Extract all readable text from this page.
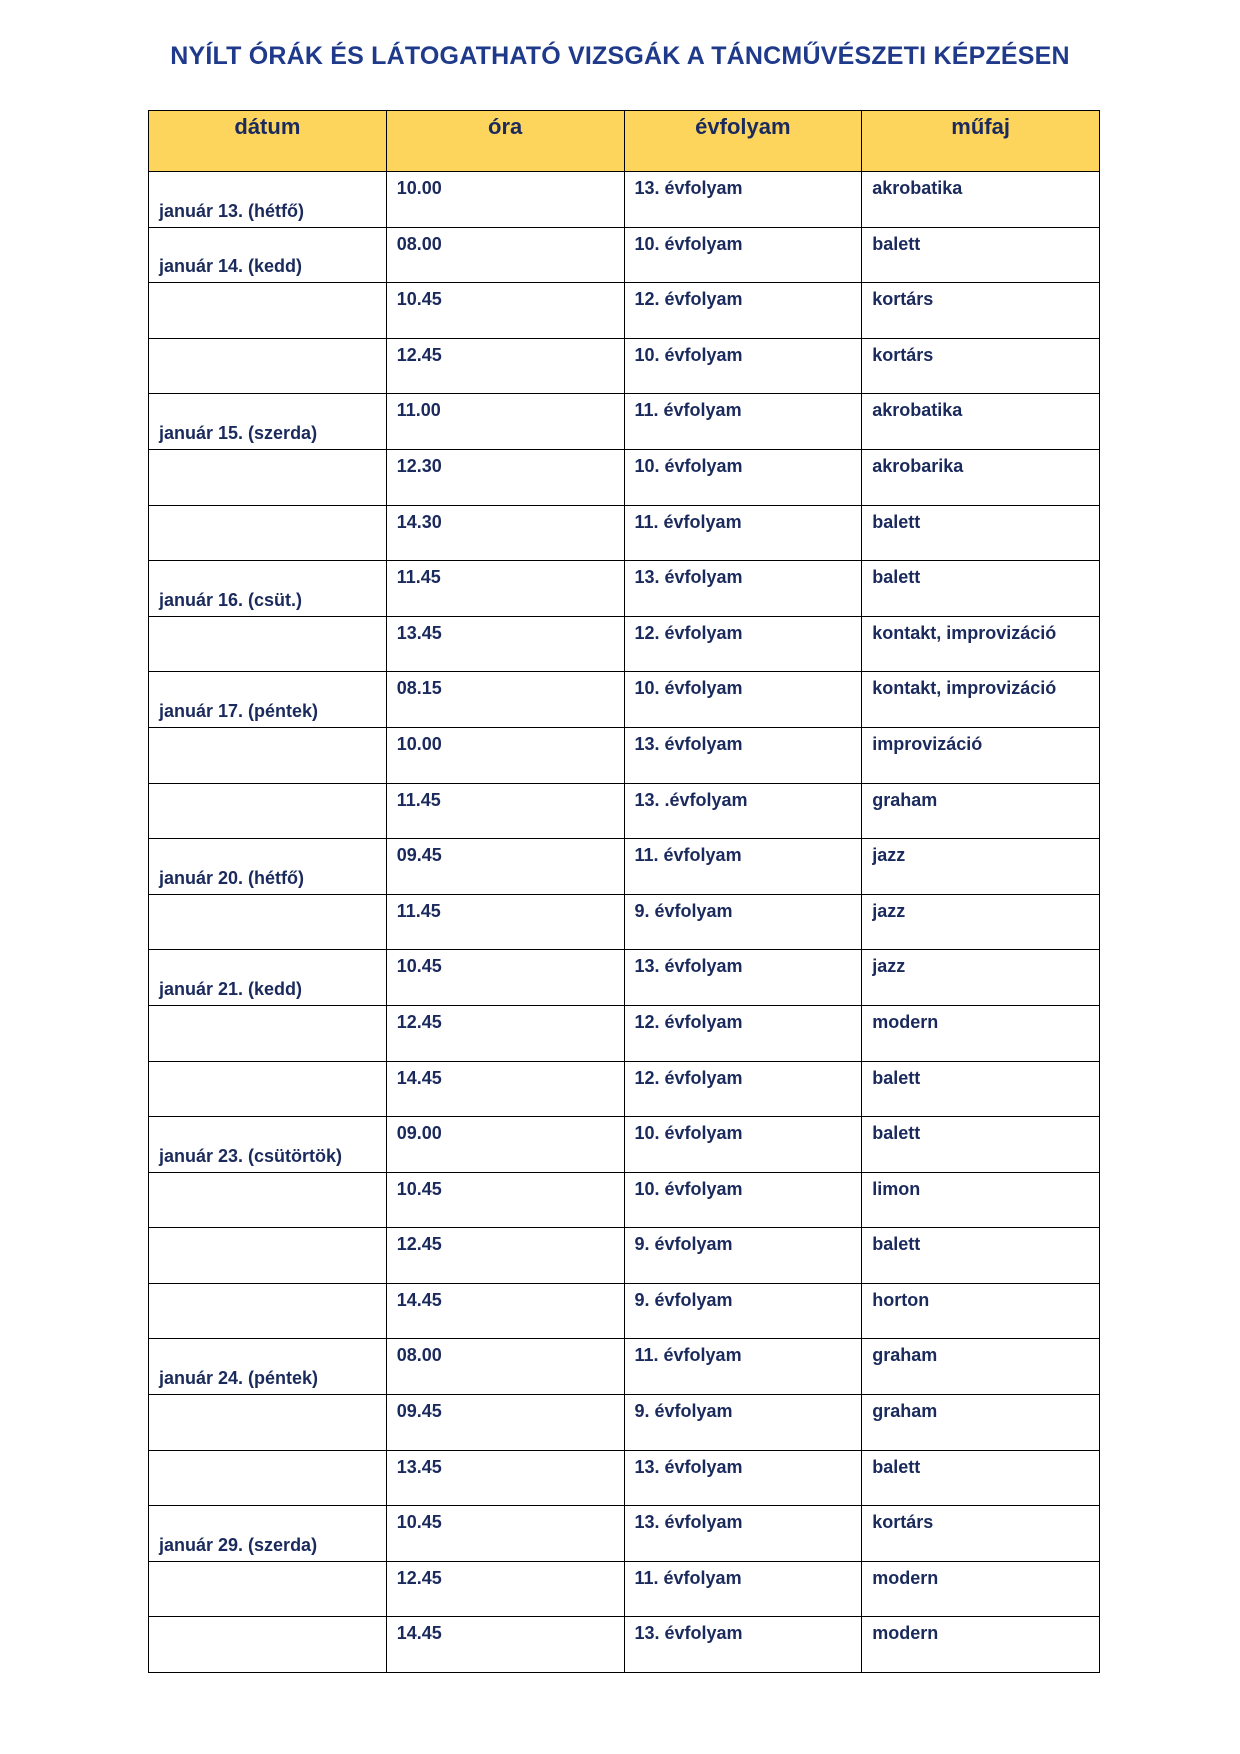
NYÍLT ÓRÁK ÉS LÁTOGATHATÓ VIZSGÁK A TÁNCMŰVÉSZETI KÉPZÉSEN
dátum	óra	évfolyam	műfaj
január 13. (hétfő)	10.00	13. évfolyam	akrobatika
január 14. (kedd)	08.00	10. évfolyam	balett
	10.45	12. évfolyam	kortárs
	12.45	10. évfolyam	kortárs
január 15. (szerda)	11.00	11. évfolyam	akrobatika
	12.30	10. évfolyam	akrobarika
	14.30	11. évfolyam	balett
január 16. (csüt.)	11.45	13. évfolyam	balett
	13.45	12. évfolyam	kontakt, improvizáció
január 17. (péntek)	08.15	10. évfolyam	kontakt, improvizáció
	10.00	13. évfolyam	improvizáció
	11.45	13. .évfolyam	graham
január 20. (hétfő)	09.45	11. évfolyam	jazz
	11.45	9. évfolyam	jazz
január 21. (kedd)	10.45	13. évfolyam	jazz
	12.45	12. évfolyam	modern
	14.45	12. évfolyam	balett
január 23. (csütörtök)	09.00	10. évfolyam	balett
	10.45	10. évfolyam	limon
	12.45	9. évfolyam	balett
	14.45	9. évfolyam	horton
január 24. (péntek)	08.00	11. évfolyam	graham
	09.45	9. évfolyam	graham
	13.45	13. évfolyam	balett
január 29. (szerda)	10.45	13. évfolyam	kortárs
	12.45	11. évfolyam	modern
	14.45	13. évfolyam	modern
